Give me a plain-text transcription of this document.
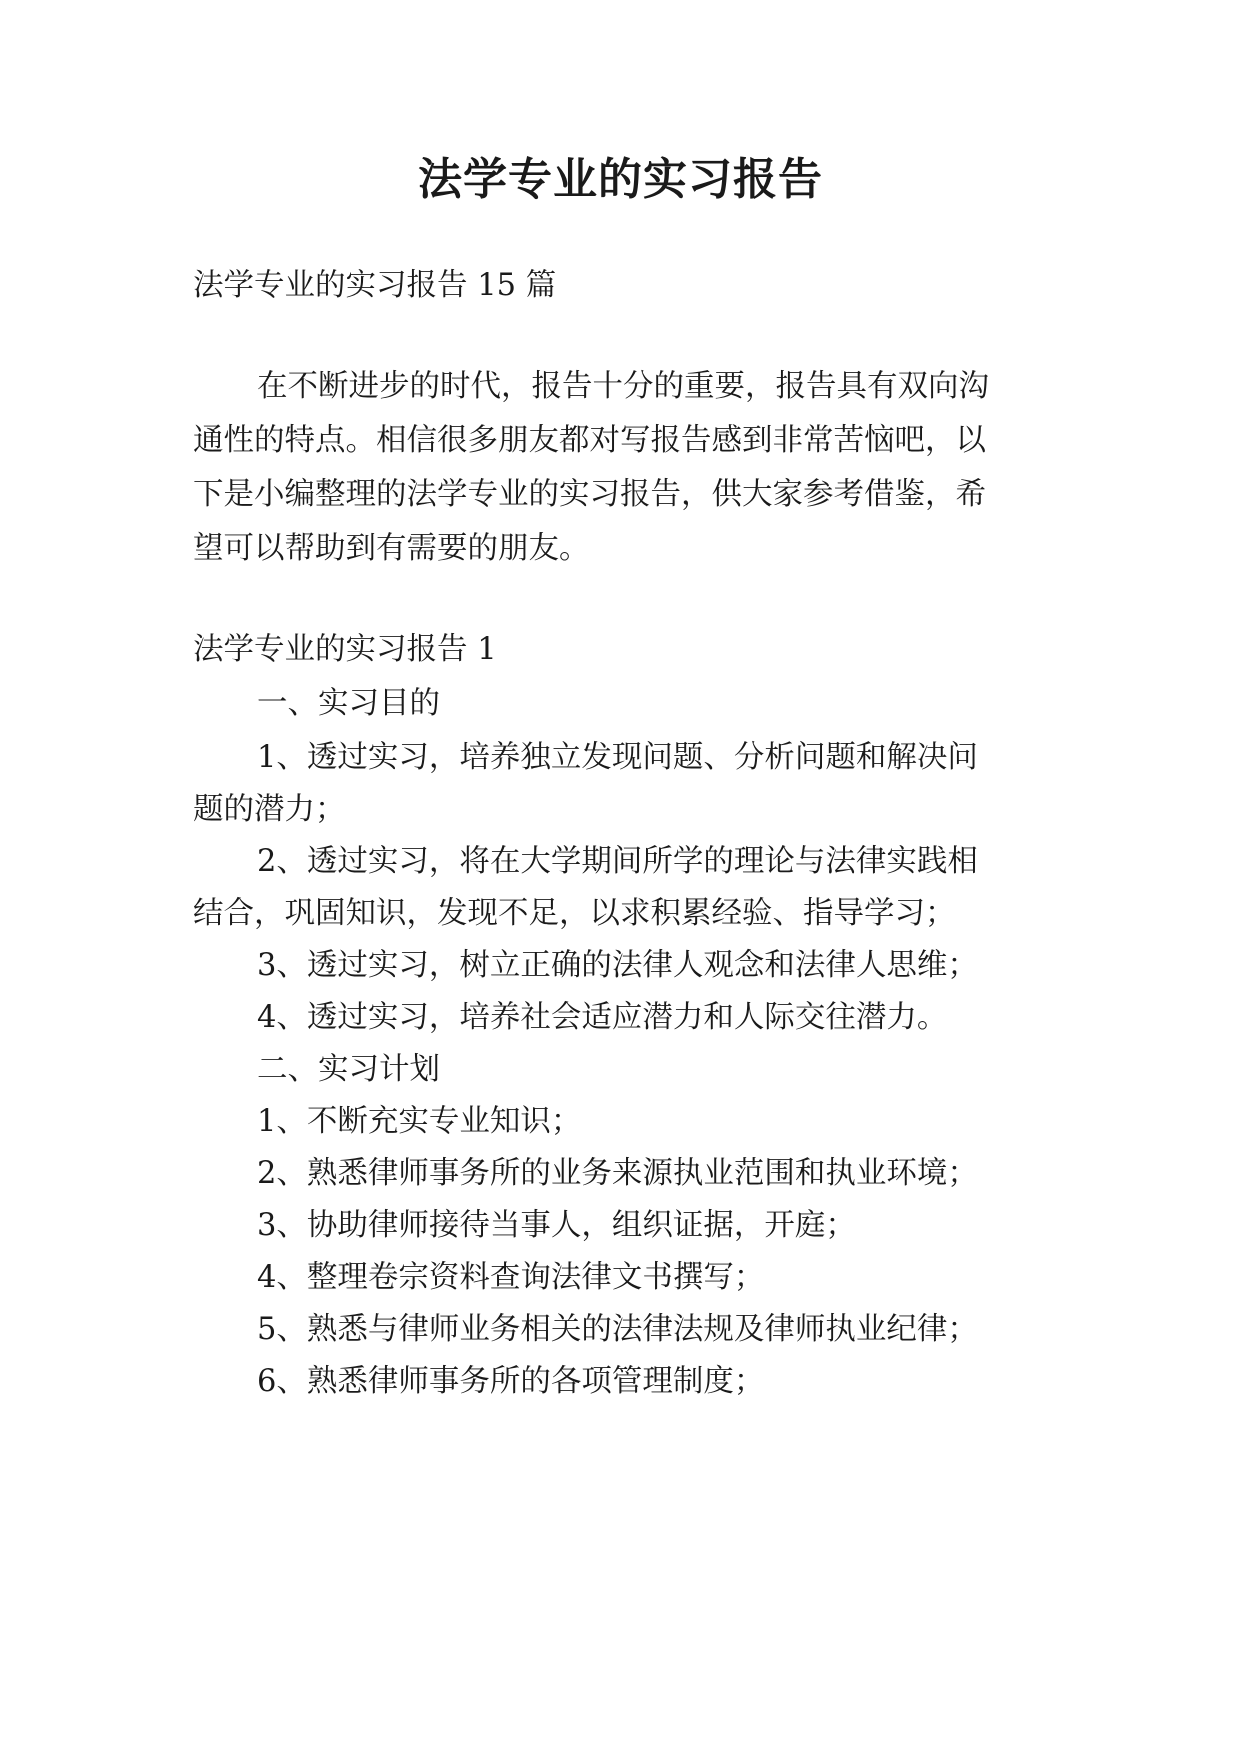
法学专业的实习报告

法学专业的实习报告 15 篇

在不断进步的时代，报告十分的重要，报告具有双向沟

通性的特点。相信很多朋友都对写报告感到非常苦恼吧，以

下是小编整理的法学专业的实习报告，供大家参考借鉴，希

望可以帮助到有需要的朋友。

法学专业的实习报告 1

一、实习目的

1、透过实习，培养独立发现问题、分析问题和解决问

题的潜力；

2、透过实习，将在大学期间所学的理论与法律实践相

结合，巩固知识，发现不足，以求积累经验、指导学习；

3、透过实习，树立正确的法律人观念和法律人思维；

4、透过实习，培养社会适应潜力和人际交往潜力。

二、实习计划

1、不断充实专业知识；

2、熟悉律师事务所的业务来源执业范围和执业环境；

3、协助律师接待当事人，组织证据，开庭；

4、整理卷宗资料查询法律文书撰写；

5、熟悉与律师业务相关的法律法规及律师执业纪律；

6、熟悉律师事务所的各项管理制度；
